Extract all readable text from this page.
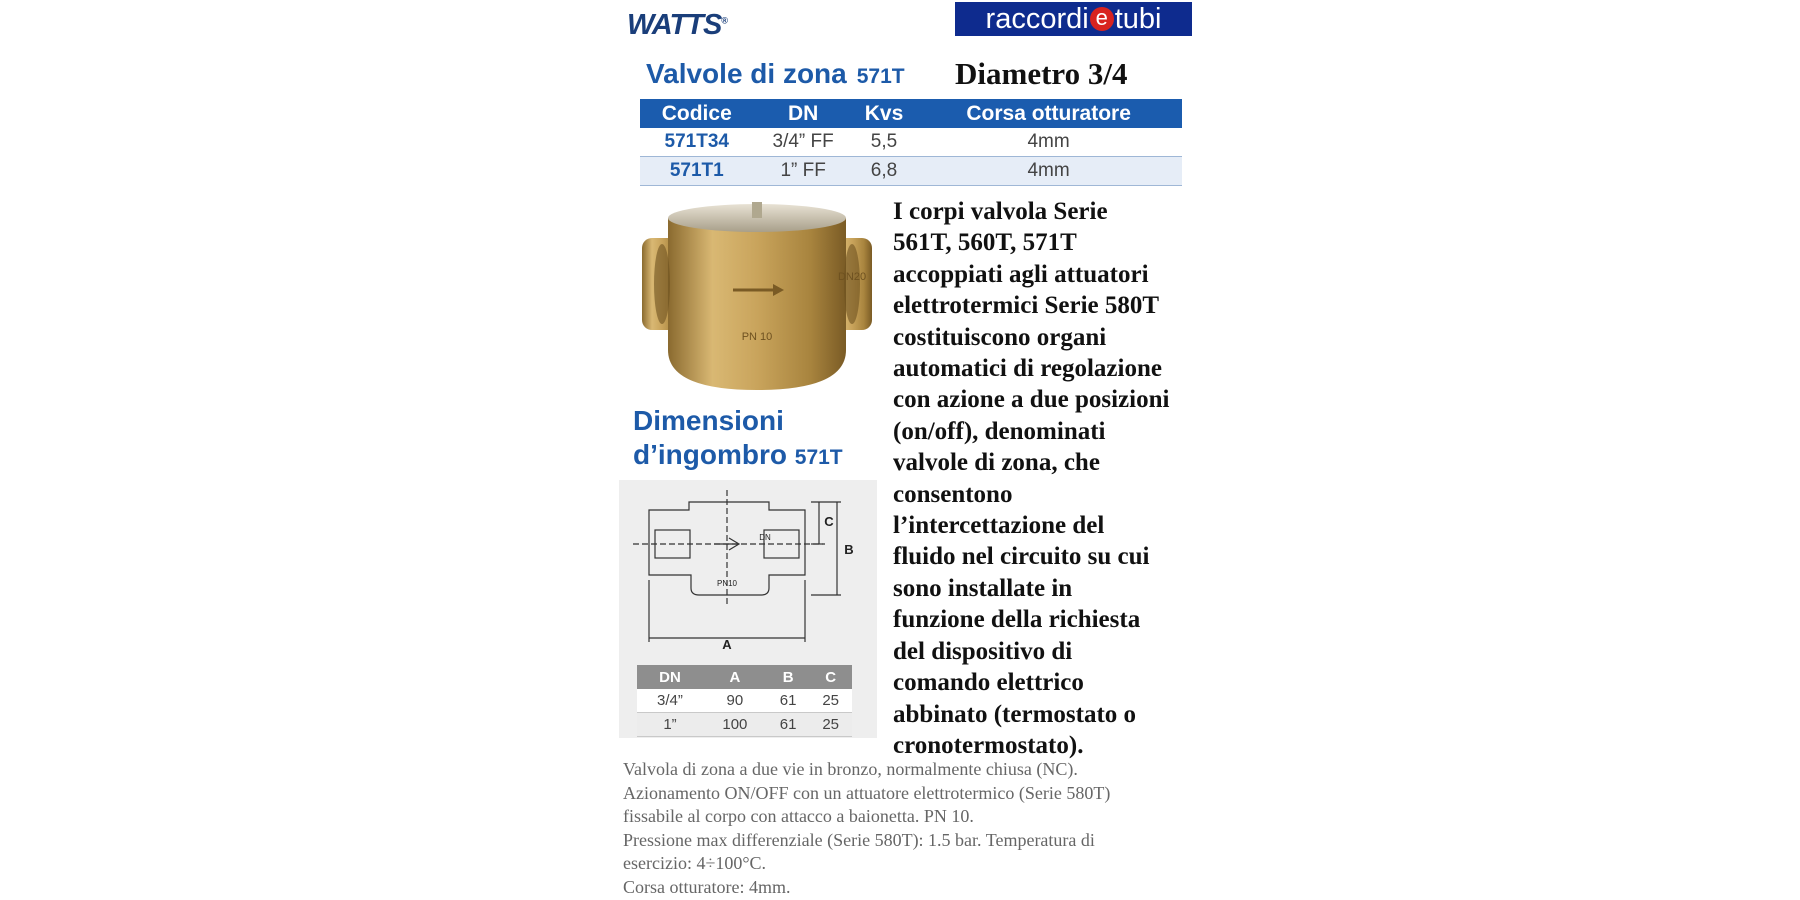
WATTS®	raccordi e tubi
Valvole di zona 571T Diametro 3/4
Codice	DN	Kvs	Corsa otturatore
571T34	3/4” FF	5,5	4mm
571T1	1” FF	6,8	4mm
PN 10
DN20
Dimensioni
d’ingombro 571T
A
B
C
DN
PN10
DN	A	B	C
3/4”	90	61	25
1”	100	61	25
I corpi valvola Serie
561T, 560T, 571T
accoppiati agli attuatori
elettrotermici Serie 580T
costituiscono organi
automatici di regolazione
con azione a due posizioni
(on/off), denominati
valvole di zona, che
consentono
l’intercettazione del
fluido nel circuito su cui
sono installate in
funzione della richiesta
del dispositivo di
comando elettrico
abbinato (termostato o
cronotermostato).
Valvola di zona a due vie in bronzo, normalmente chiusa (NC).
Azionamento ON/OFF con un attuatore elettrotermico (Serie 580T)
fissabile al corpo con attacco a baionetta. PN 10.
Pressione max differenziale (Serie 580T): 1.5 bar. Temperatura di
esercizio: 4÷100°C.
Corsa otturatore: 4mm.
